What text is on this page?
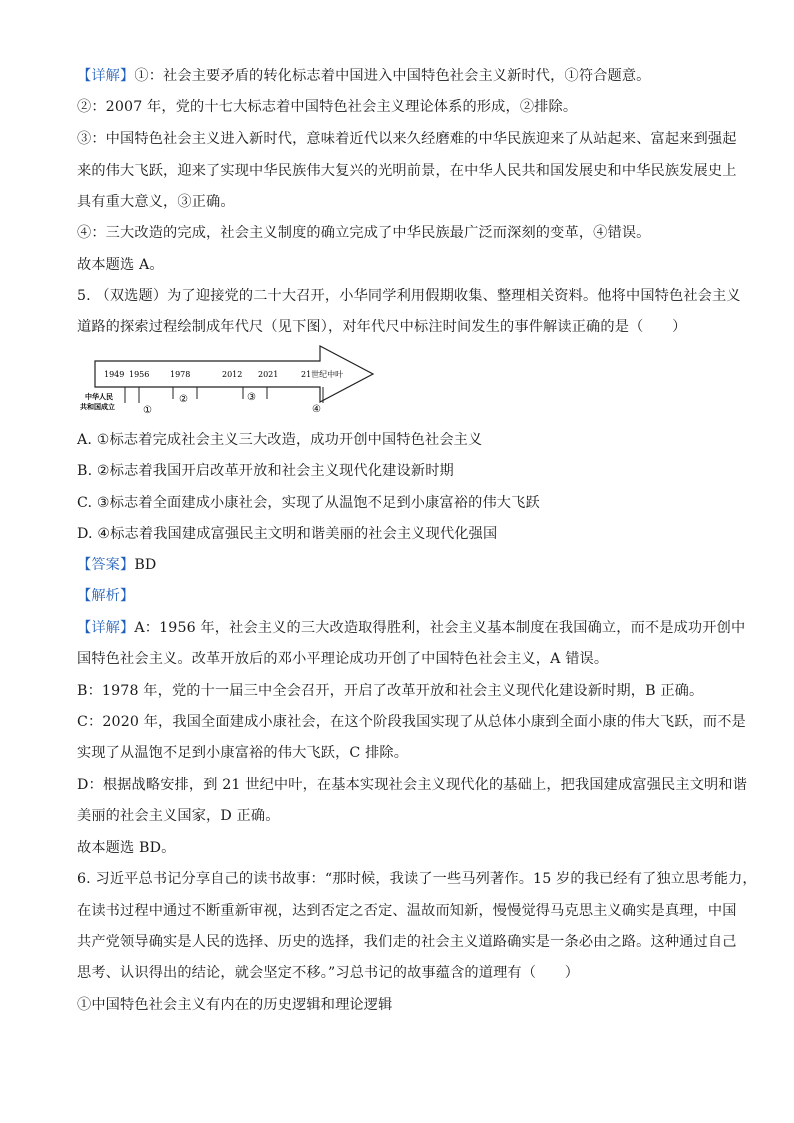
【详解】①：社会主要矛盾的转化标志着中国进入中国特色社会主义新时代，①符合题意。
②：2007 年，党的十七大标志着中国特色社会主义理论体系的形成，②排除。
③：中国特色社会主义进入新时代，意味着近代以来久经磨难的中华民族迎来了从站起来、富起来到强起
来的伟大飞跃，迎来了实现中华民族伟大复兴的光明前景，在中华人民共和国发展史和中华民族发展史上
具有重大意义，③正确。
④：三大改造的完成，社会主义制度的确立完成了中华民族最广泛而深刻的变革，④错误。
故本题选 A。
5. （双选题）为了迎接党的二十大召开，小华同学利用假期收集、整理相关资料。他将中国特色社会主义
道路的探索过程绘制成年代尺（见下图），对年代尺中标注时间发生的事件解读正确的是（　　）
1949 1956	1978	2012 2021	21世纪中叶
中华人民
共和国成立	①
②	③
④
A. ①标志着完成社会主义三大改造，成功开创中国特色社会主义
B. ②标志着我国开启改革开放和社会主义现代化建设新时期
C. ③标志着全面建成小康社会，实现了从温饱不足到小康富裕的伟大飞跃
D. ④标志着我国建成富强民主文明和谐美丽的社会主义现代化强国
【答案】BD
【解析】
【详解】A：1956 年，社会主义的三大改造取得胜利，社会主义基本制度在我国确立，而不是成功开创中
国特色社会主义。改革开放后的邓小平理论成功开创了中国特色社会主义，A 错误。
B：1978 年，党的十一届三中全会召开，开启了改革开放和社会主义现代化建设新时期，B 正确。
C：2020 年，我国全面建成小康社会，在这个阶段我国实现了从总体小康到全面小康的伟大飞跃，而不是
实现了从温饱不足到小康富裕的伟大飞跃，C 排除。
D：根据战略安排，到 21 世纪中叶，在基本实现社会主义现代化的基础上，把我国建成富强民主文明和谐
美丽的社会主义国家，D 正确。
故本题选 BD。
6. 习近平总书记分享自己的读书故事：“那时候，我读了一些马列著作。15 岁的我已经有了独立思考能力，
在读书过程中通过不断重新审视，达到否定之否定、温故而知新，慢慢觉得马克思主义确实是真理，中国
共产党领导确实是人民的选择、历史的选择，我们走的社会主义道路确实是一条必由之路。这种通过自己
思考、认识得出的结论，就会坚定不移。”习总书记的故事蕴含的道理有（　　）
①中国特色社会主义有内在的历史逻辑和理论逻辑
